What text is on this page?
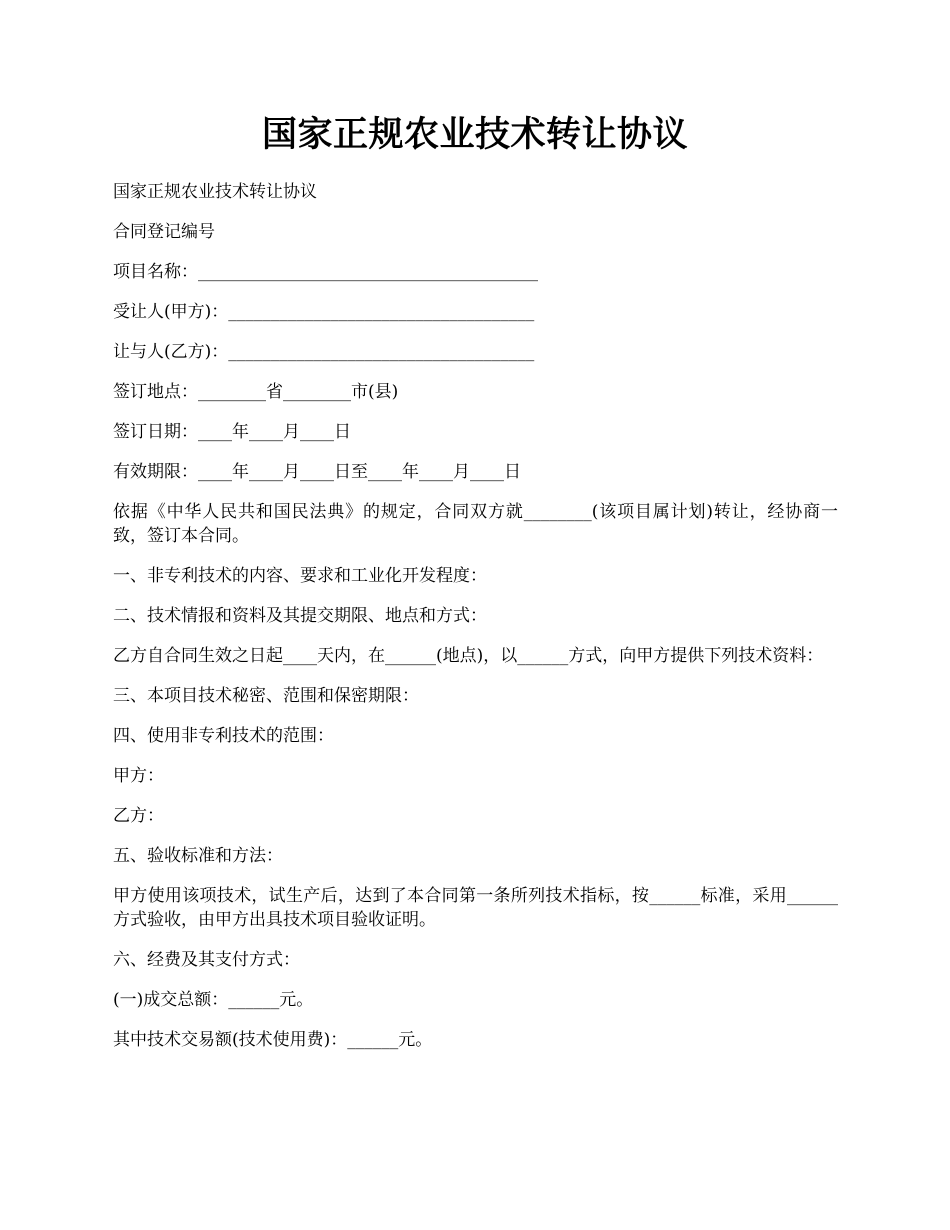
国家正规农业技术转让协议

国家正规农业技术转让协议

合同登记编号

项目名称：________________________________________

受让人(甲方)：____________________________________

让与人(乙方)：____________________________________

签订地点：________省________市(县)

签订日期：____年____月____日

有效期限：____年____月____日至____年____月____日

依据《中华人民共和国民法典》的规定，合同双方就________(该项目属计划)转让，经协商一致，签订本合同。

一、非专利技术的内容、要求和工业化开发程度：

二、技术情报和资料及其提交期限、地点和方式：

乙方自合同生效之日起____天内，在______(地点)，以______方式，向甲方提供下列技术资料：

三、本项目技术秘密、范围和保密期限：

四、使用非专利技术的范围：

甲方：

乙方：

五、验收标准和方法：

甲方使用该项技术，试生产后，达到了本合同第一条所列技术指标，按______标准，采用______方式验收，由甲方出具技术项目验收证明。

六、经费及其支付方式：

(一)成交总额：______元。

其中技术交易额(技术使用费)：______元。
